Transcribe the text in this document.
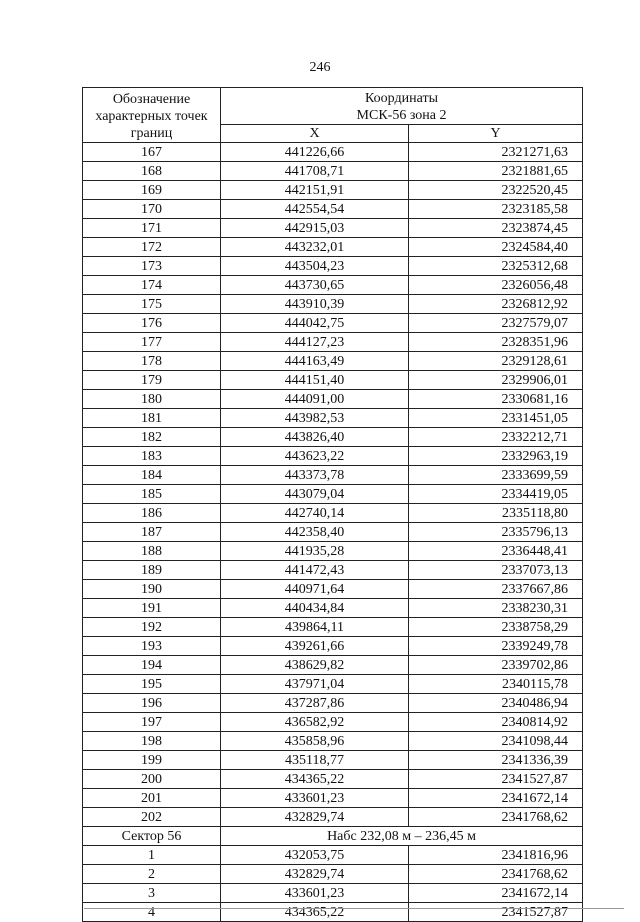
246
Обозначение характерных точек границ	Координаты
МСК-56 зона 2	

	X	Y
167	441226,66	2321271,63
168	441708,71	2321881,65
169	442151,91	2322520,45
170	442554,54	2323185,58
171	442915,03	2323874,45
172	443232,01	2324584,40
173	443504,23	2325312,68
174	443730,65	2326056,48
175	443910,39	2326812,92
176	444042,75	2327579,07
177	444127,23	2328351,96
178	444163,49	2329128,61
179	444151,40	2329906,01
180	444091,00	2330681,16
181	443982,53	2331451,05
182	443826,40	2332212,71
183	443623,22	2332963,19
184	443373,78	2333699,59
185	443079,04	2334419,05
186	442740,14	2335118,80
187	442358,40	2335796,13
188	441935,28	2336448,41
189	441472,43	2337073,13
190	440971,64	2337667,86
191	440434,84	2338230,31
192	439864,11	2338758,29
193	439261,66	2339249,78
194	438629,82	2339702,86
195	437971,04	2340115,78
196	437287,86	2340486,94
197	436582,92	2340814,92
198	435858,96	2341098,44
199	435118,77	2341336,39
200	434365,22	2341527,87
201	433601,23	2341672,14
202	432829,74	2341768,62
Сектор 56	Набс 232,08 м – 236,45 м	
1	432053,75	2341816,96
2	432829,74	2341768,62
3	433601,23	2341672,14
4	434365,22	2341527,87
